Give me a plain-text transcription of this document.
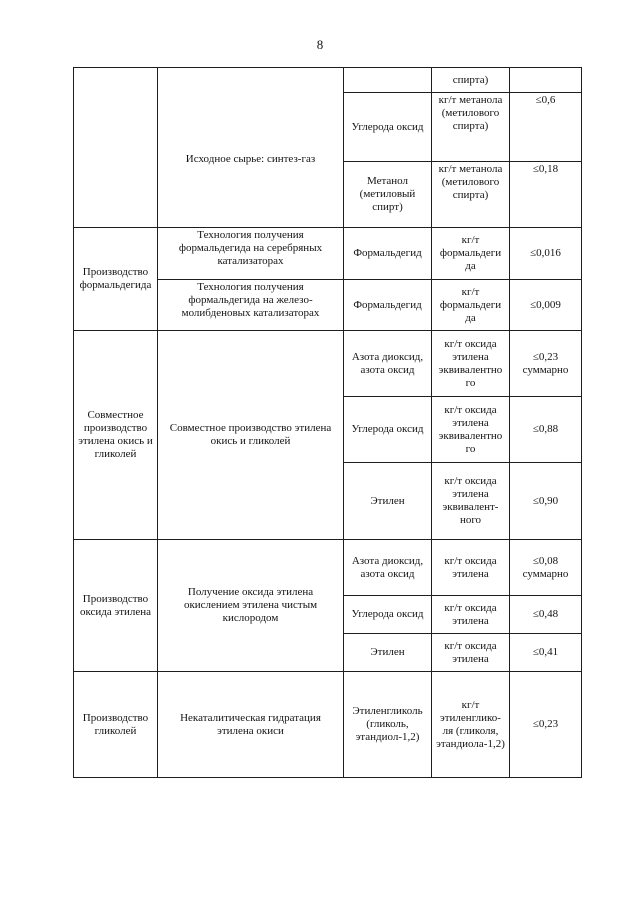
8
			спирта)	
	Исходное сырье: синтез-газ	Углерода оксид	кг/т метанола (метилового спирта)	≤0,6
		Метанол (метиловый спирт)	кг/т метанола (метилового спирта)	≤0,18
Производство формальдегида	Технология получения формальдегида на серебряных катализаторах	Формальдегид	кг/т формальдеги да	≤0,016
	Технология получения формальдегида на железо-молибденовых катализаторах	Формальдегид	кг/т формальдеги да	≤0,009
Совместное производство этилена окись и гликолей	Совместное производство этилена окись и гликолей	Азота диоксид, азота оксид	кг/т оксида этилена эквивалентно го	≤0,23 суммарно
		Углерода оксид	кг/т оксида этилена эквивалентно го	≤0,88
		Этилен	кг/т оксида этилена эквивалент-ного	≤0,90
Производство оксида этилена	Получение оксида этилена окислением этилена чистым кислородом	Азота диоксид, азота оксид	кг/т оксида этилена	≤0,08 суммарно
		Углерода оксид	кг/т оксида этилена	≤0,48
		Этилен	кг/т оксида этилена	≤0,41
Производство гликолей	Некаталитическая гидратация этилена окиси	Этиленгликоль (гликоль, этандиол-1,2)	кг/т этиленглико-ля (гликоля, этандиола-1,2)	≤0,23
